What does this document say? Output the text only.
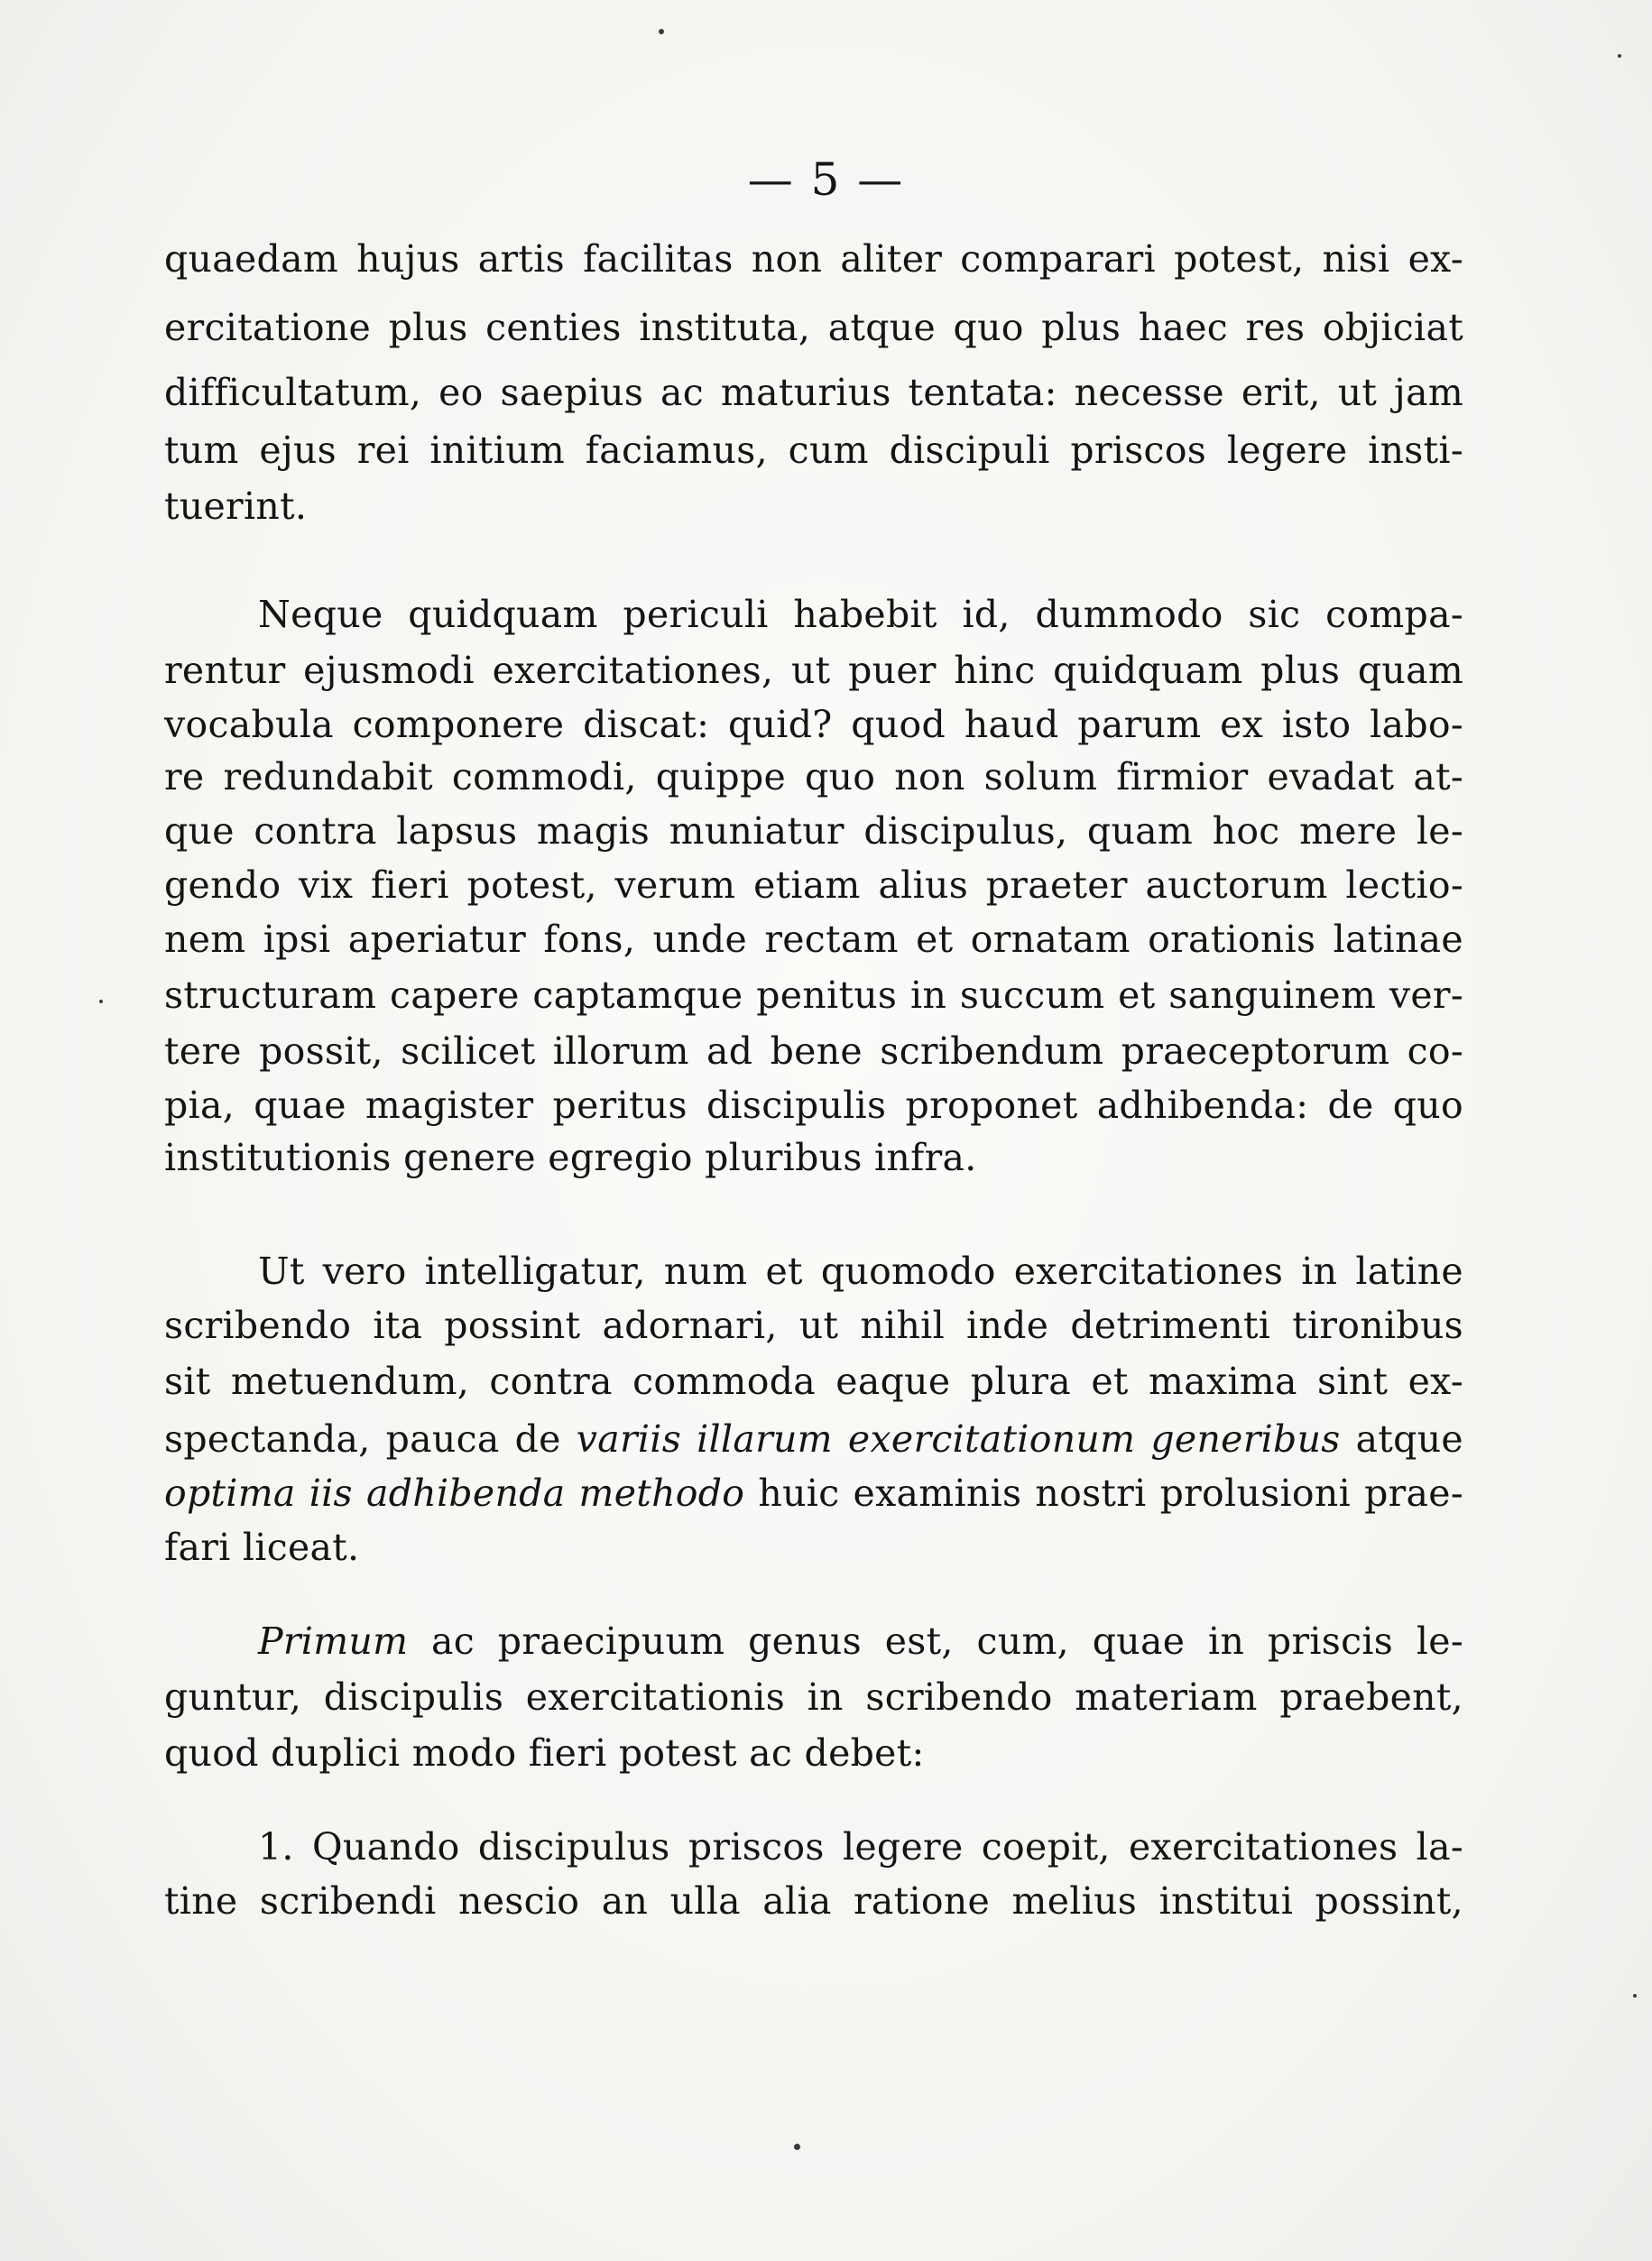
— 5 —
quaedam hujus artis facilitas non aliter comparari potest, nisi ex-
ercitatione plus centies instituta, atque quo plus haec res objiciat
difficultatum, eo saepius ac maturius tentata: necesse erit, ut jam
tum ejus rei initium faciamus, cum discipuli priscos legere insti-
tuerint.
Neque quidquam periculi habebit id, dummodo sic compa-
rentur ejusmodi exercitationes, ut puer hinc quidquam plus quam
vocabula componere discat: quid? quod haud parum ex isto labo-
re redundabit commodi, quippe quo non solum firmior evadat at-
que contra lapsus magis muniatur discipulus, quam hoc mere le-
gendo vix fieri potest, verum etiam alius praeter auctorum lectio-
nem ipsi aperiatur fons, unde rectam et ornatam orationis latinae
structuram capere captamque penitus in succum et sanguinem ver-
tere possit, scilicet illorum ad bene scribendum praeceptorum co-
pia, quae magister peritus discipulis proponet adhibenda: de quo
institutionis genere egregio pluribus infra.
Ut vero intelligatur, num et quomodo exercitationes in latine
scribendo ita possint adornari, ut nihil inde detrimenti tironibus
sit metuendum, contra commoda eaque plura et maxima sint ex-
spectanda, pauca de variis illarum exercitationum generibus atque
optima iis adhibenda methodo huic examinis nostri prolusioni prae-
fari liceat.
Primum ac praecipuum genus est, cum, quae in priscis le-
guntur, discipulis exercitationis in scribendo materiam praebent,
quod duplici modo fieri potest ac debet:
1. Quando discipulus priscos legere coepit, exercitationes la-
tine scribendi nescio an ulla alia ratione melius institui possint,
